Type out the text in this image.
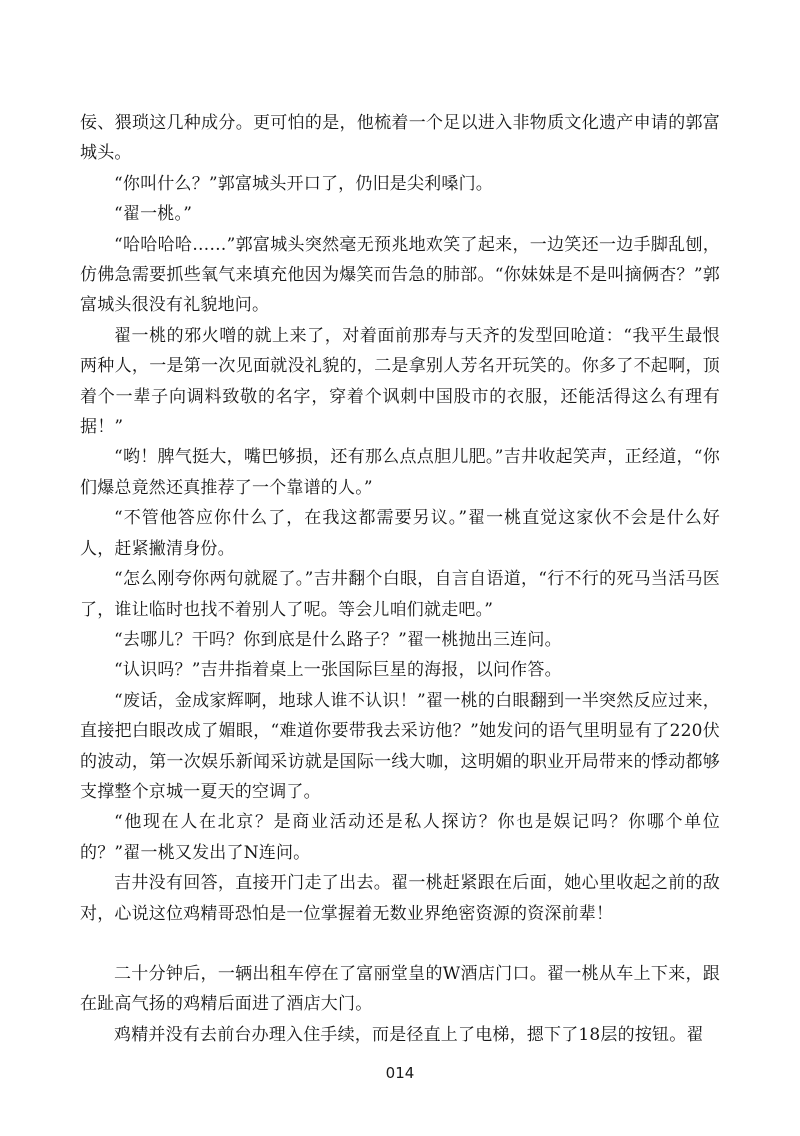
佞、猥琐这几种成分。更可怕的是，他梳着一个足以进入非物质文化遗产申请的郭富城头。

“你叫什么？”郭富城头开口了，仍旧是尖利嗓门。

“翟一桃。”

“哈哈哈哈……”郭富城头突然毫无预兆地欢笑了起来，一边笑还一边手脚乱刨，仿佛急需要抓些氧气来填充他因为爆笑而告急的肺部。“你妹妹是不是叫摘俩杏？”郭富城头很没有礼貌地问。

翟一桃的邪火噌的就上来了，对着面前那寿与天齐的发型回呛道：“我平生最恨两种人，一是第一次见面就没礼貌的，二是拿别人芳名开玩笑的。你多了不起啊，顶着个一辈子向调料致敬的名字，穿着个讽刺中国股市的衣服，还能活得这么有理有据！”

“哟！脾气挺大，嘴巴够损，还有那么点点胆儿肥。”吉井收起笑声，正经道，“你们爆总竟然还真推荐了一个靠谱的人。”

“不管他答应你什么了，在我这都需要另议。”翟一桃直觉这家伙不会是什么好人，赶紧撇清身份。

“怎么刚夸你两句就㞞了。”吉井翻个白眼，自言自语道，“行不行的死马当活马医了，谁让临时也找不着别人了呢。等会儿咱们就走吧。”

“去哪儿？干吗？你到底是什么路子？”翟一桃抛出三连问。

“认识吗？”吉井指着桌上一张国际巨星的海报，以问作答。

“废话，金成家辉啊，地球人谁不认识！”翟一桃的白眼翻到一半突然反应过来，直接把白眼改成了媚眼，“难道你要带我去采访他？”她发问的语气里明显有了220伏的波动，第一次娱乐新闻采访就是国际一线大咖，这明媚的职业开局带来的悸动都够支撑整个京城一夏天的空调了。

“他现在人在北京？是商业活动还是私人探访？你也是娱记吗？你哪个单位的？”翟一桃又发出了N连问。

吉井没有回答，直接开门走了出去。翟一桃赶紧跟在后面，她心里收起之前的敌对，心说这位鸡精哥恐怕是一位掌握着无数业界绝密资源的资深前辈！

二十分钟后，一辆出租车停在了富丽堂皇的W酒店门口。翟一桃从车上下来，跟在趾高气扬的鸡精后面进了酒店大门。

鸡精并没有去前台办理入住手续，而是径直上了电梯，摁下了18层的按钮。翟

014
